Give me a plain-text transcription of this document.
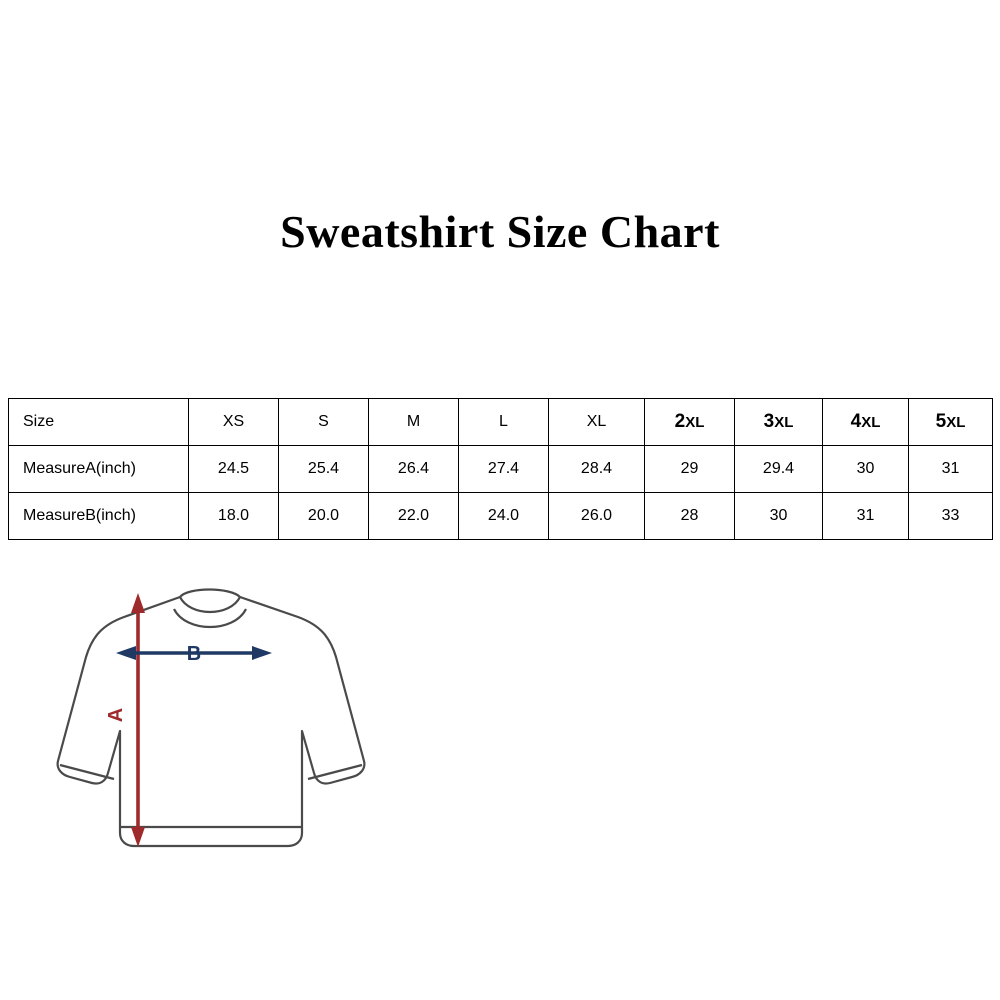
Sweatshirt Size Chart
Size	XS	S	M	L	XL	2XL	3XL	4XL	5XL
MeasureA(inch)	24.5	25.4	26.4	27.4	28.4	29	29.4	30	31
MeasureB(inch)	18.0	20.0	22.0	24.0	26.0	28	30	31	33
A
B
